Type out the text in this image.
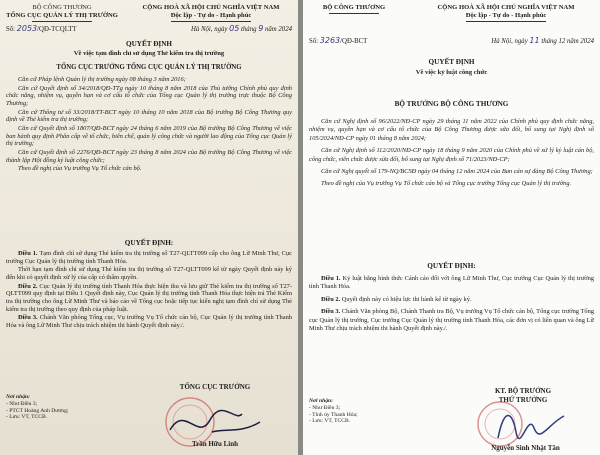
BỘ CÔNG THƯƠNG
TỔNG CỤC QUẢN LÝ THỊ TRƯỜNG
CỘNG HOÀ XÃ HỘI CHỦ NGHĨA VIỆT NAM
Độc lập - Tự do - Hạnh phúc
Số: 2053/QĐ-TCQLTT	Hà Nội, ngày 05 tháng 9 năm 2024
QUYẾT ĐỊNH
Về việc tạm đình chỉ sử dụng Thẻ kiểm tra thị trường
TỔNG CỤC TRƯỞNG TỔNG CỤC QUẢN LÝ THỊ TRƯỜNG

Căn cứ Pháp lệnh Quản lý thị trường ngày 08 tháng 3 năm 2016;

Căn cứ Quyết định số 34/2018/QĐ-TTg ngày 10 tháng 8 năm 2018 của Thủ tướng Chính phủ quy định chức năng, nhiệm vụ, quyền hạn và cơ cấu tổ chức của Tổng cục Quản lý thị trường trực thuộc Bộ Công Thương;

Căn cứ Thông tư số 33/2018/TT-BCT ngày 10 tháng 10 năm 2018 của Bộ trưởng Bộ Công Thương quy định về Thẻ kiểm tra thị trường;

Căn cứ Quyết định số 1807/QĐ-BCT ngày 24 tháng 6 năm 2019 của Bộ trưởng Bộ Công Thương về việc ban hành quy định Phân cấp về tổ chức, biên chế, quản lý công chức và người lao động của Tổng cục Quản lý thị trường;

Căn cứ Quyết định số 2276/QĐ-BCT ngày 23 tháng 8 năm 2024 của Bộ trưởng Bộ Công Thương về việc thành lập Hội đồng kỷ luật công chức;

Theo đề nghị của Vụ trưởng Vụ Tổ chức cán bộ.

QUYẾT ĐỊNH:

Điều 1. Tạm đình chỉ sử dụng Thẻ kiểm tra thị trường số T27-QLTT099 cấp cho ông Lữ Minh Thư, Cục trưởng Cục Quản lý thị trường tỉnh Thanh Hóa.

Thời hạn tạm đình chỉ sử dụng Thẻ kiểm tra thị trường số T27-QLTT099 kể từ ngày Quyết định này ký đến khi có quyết định xử lý của cấp có thẩm quyền.

Điều 2. Cục Quản lý thị trường tỉnh Thanh Hóa thực hiện thu và lưu giữ Thẻ kiểm tra thị trường số T27-QLTT099 quy định tại Điều 1 Quyết định này, Cục Quản lý thị trường tỉnh Thanh Hóa thực hiện trả Thẻ Kiểm tra thị trường cho ông Lữ Minh Thư và báo cáo về Tổng cục hoặc tiếp tục kiến nghị tạm đình chỉ sử dụng Thẻ kiểm tra thị trường theo quy định của pháp luật.

Điều 3. Chánh Văn phòng Tổng cục, Vụ trưởng Vụ Tổ chức cán bộ, Cục Quản lý thị trường tỉnh Thanh Hóa và ông Lữ Minh Thư chịu trách nhiệm thi hành Quyết định này./.

TỔNG CỤC TRƯỞNG
Nơi nhận:
- Như Điều 3;
- PTCT Hoàng Anh Dương;
- Lưu: VT, TCCB.
Trần Hữu Linh
BỘ CÔNG THƯƠNG	CỘNG HOÀ XÃ HỘI CHỦ NGHĨA VIỆT NAM
Độc lập - Tự do - Hạnh phúc
Số: 3263/QĐ-BCT	Hà Nội, ngày 11 tháng 12 năm 2024
QUYẾT ĐỊNH
Về việc kỷ luật công chức
BỘ TRƯỞNG BỘ CÔNG THƯƠNG

Căn cứ Nghị định số 96/2022/NĐ-CP ngày 29 tháng 11 năm 2022 của Chính phủ quy định chức năng, nhiệm vụ, quyền hạn và cơ cấu tổ chức của Bộ Công Thương được sửa đổi, bổ sung tại Nghị định số 105/2024/NĐ-CP ngày 01 tháng 8 năm 2024;

Căn cứ Nghị định số 112/2020/NĐ-CP ngày 18 tháng 9 năm 2020 của Chính phủ về xử lý kỷ luật cán bộ, công chức, viên chức được sửa đổi, bổ sung tại Nghị định số 71/2023/NĐ-CP;

Căn cứ Nghị quyết số 179-NQ/BCSĐ ngày 04 tháng 12 năm 2024 của Ban cán sự đảng Bộ Công Thương;

Theo đề nghị của Vụ trưởng Vụ Tổ chức cán bộ và Tổng cục trưởng Tổng cục Quản lý thị trường.

QUYẾT ĐỊNH:

Điều 1. Kỷ luật bằng hình thức Cảnh cáo đối với ông Lữ Minh Thư, Cục trưởng Cục Quản lý thị trường tỉnh Thanh Hóa.

Điều 2. Quyết định này có hiệu lực thi hành kể từ ngày ký.

Điều 3. Chánh Văn phòng Bộ, Chánh Thanh tra Bộ, Vụ trưởng Vụ Tổ chức cán bộ, Tổng cục trưởng Tổng cục Quản lý thị trường, Cục trưởng Cục Quản lý thị trường tỉnh Thanh Hóa, các đơn vị có liên quan và ông Lữ Minh Thư chịu trách nhiệm thi hành Quyết định này./.

KT. BỘ TRƯỞNG
THỨ TRƯỞNG
Nơi nhận:
- Như Điều 3;
- Tỉnh ủy Thanh Hóa;
- Lưu: VT, TCCB.
Nguyễn Sinh Nhật Tân
